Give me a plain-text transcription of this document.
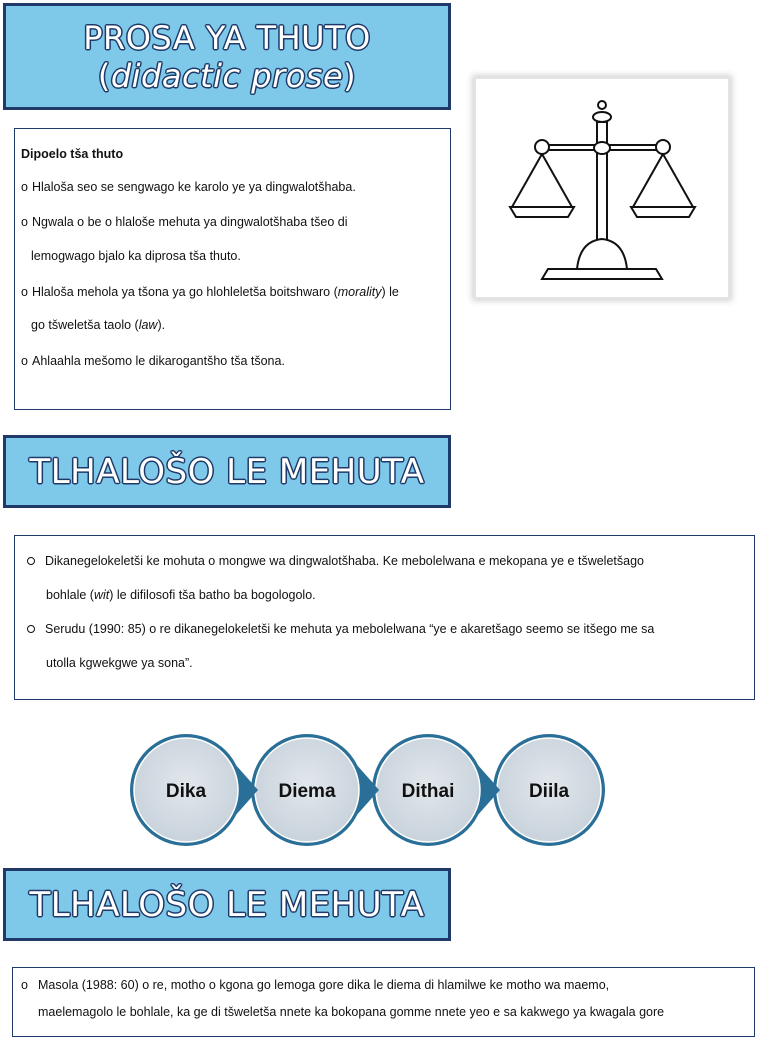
PROSA YA THUTO
(didactic prose)
Dipoelo tša thuto
o Hlaloša seo se sengwago ke karolo ye ya dingwalotšhaba.
o Ngwala o be o hlaloše mehuta ya dingwalotšhaba tšeo di
lemogwago bjalo ka diprosa tša thuto.
o Hlaloša mehola ya tšona ya go hlohleletša boitshwaro (morality) le
go tšweletša taolo (law).
o Ahlaahla mešomo le dikarogantšho tša tšona.
TLHALOŠO LE MEHUTA
Dikanegelokeletši ke mohuta o mongwe wa dingwalotšhaba. Ke mebolelwana e mekopana ye e tšweletšago
bohlale (wit) le difilosofi tša batho ba bogologolo.
Serudu (1990: 85) o re dikanegelokeletši ke mehuta ya mebolelwana “ye e akaretšago seemo se itšego me sa
utolla kgwekgwe ya sona”.
Diila
Dithai
Diema
Dika
TLHALOŠO LE MEHUTA
o Masola (1988: 60) o re, motho o kgona go lemoga gore dika le diema di hlamilwe ke motho wa maemo,
maelemagolo le bohlale, ka ge di tšweletša nnete ka bokopana gomme nnete yeo e sa kakwego ya kwagala gore
